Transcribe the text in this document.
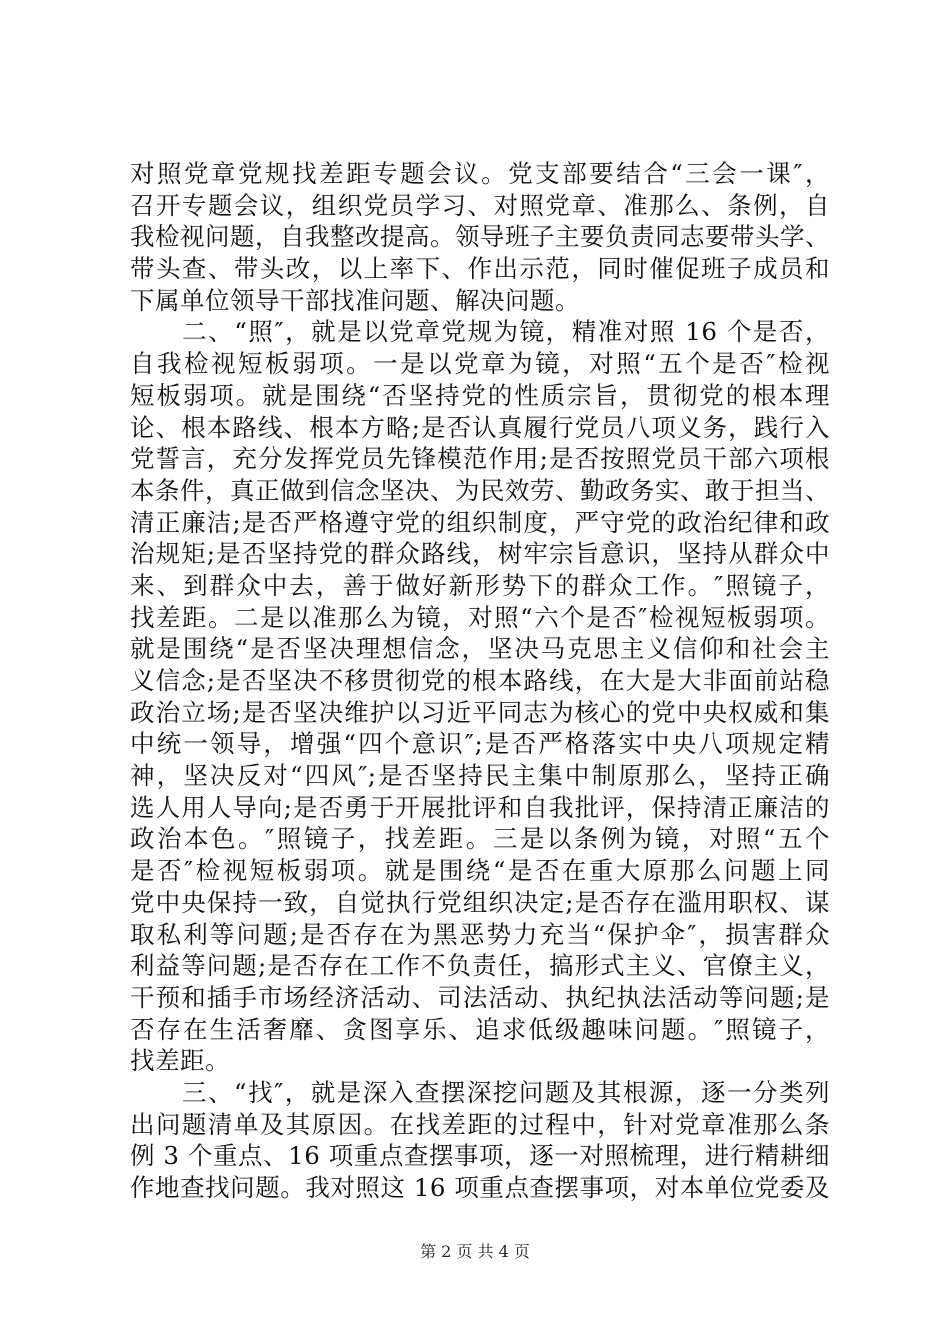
对照党章党规找差距专题会议。党支部要结合“三会一课″，
召开专题会议，组织党员学习、对照党章、准那么、条例，自
我检视问题，自我整改提高。领导班子主要负责同志要带头学、
带头查、带头改，以上率下、作出示范，同时催促班子成员和
下属单位领导干部找准问题、解决问题。
　　二、“照″，就是以党章党规为镜，精准对照 16 个是否，
自我检视短板弱项。一是以党章为镜，对照“五个是否″检视
短板弱项。就是围绕“否坚持党的性质宗旨，贯彻党的根本理
论、根本路线、根本方略;是否认真履行党员八项义务，践行入
党誓言，充分发挥党员先锋模范作用;是否按照党员干部六项根
本条件，真正做到信念坚决、为民效劳、勤政务实、敢于担当、
清正廉洁;是否严格遵守党的组织制度，严守党的政治纪律和政
治规矩;是否坚持党的群众路线，树牢宗旨意识，坚持从群众中
来、到群众中去，善于做好新形势下的群众工作。″照镜子，
找差距。二是以准那么为镜，对照“六个是否″检视短板弱项。
就是围绕“是否坚决理想信念，坚决马克思主义信仰和社会主
义信念;是否坚决不移贯彻党的根本路线，在大是大非面前站稳
政治立场;是否坚决维护以习近平同志为核心的党中央权威和集
中统一领导，增强“四个意识″;是否严格落实中央八项规定精
神，坚决反对“四风″;是否坚持民主集中制原那么，坚持正确
选人用人导向;是否勇于开展批评和自我批评，保持清正廉洁的
政治本色。″照镜子，找差距。三是以条例为镜，对照“五个
是否″检视短板弱项。就是围绕“是否在重大原那么问题上同
党中央保持一致，自觉执行党组织决定;是否存在滥用职权、谋
取私利等问题;是否存在为黑恶势力充当“保护伞″，损害群众
利益等问题;是否存在工作不负责任，搞形式主义、官僚主义，
干预和插手市场经济活动、司法活动、执纪执法活动等问题;是
否存在生活奢靡、贪图享乐、追求低级趣味问题。″照镜子，
找差距。
　　三、“找″，就是深入查摆深挖问题及其根源，逐一分类列
出问题清单及其原因。在找差距的过程中，针对党章准那么条
例 3 个重点、16 项重点查摆事项，逐一对照梳理，进行精耕细
作地查找问题。我对照这 16 项重点查摆事项，对本单位党委及
第 2 页 共 4 页
